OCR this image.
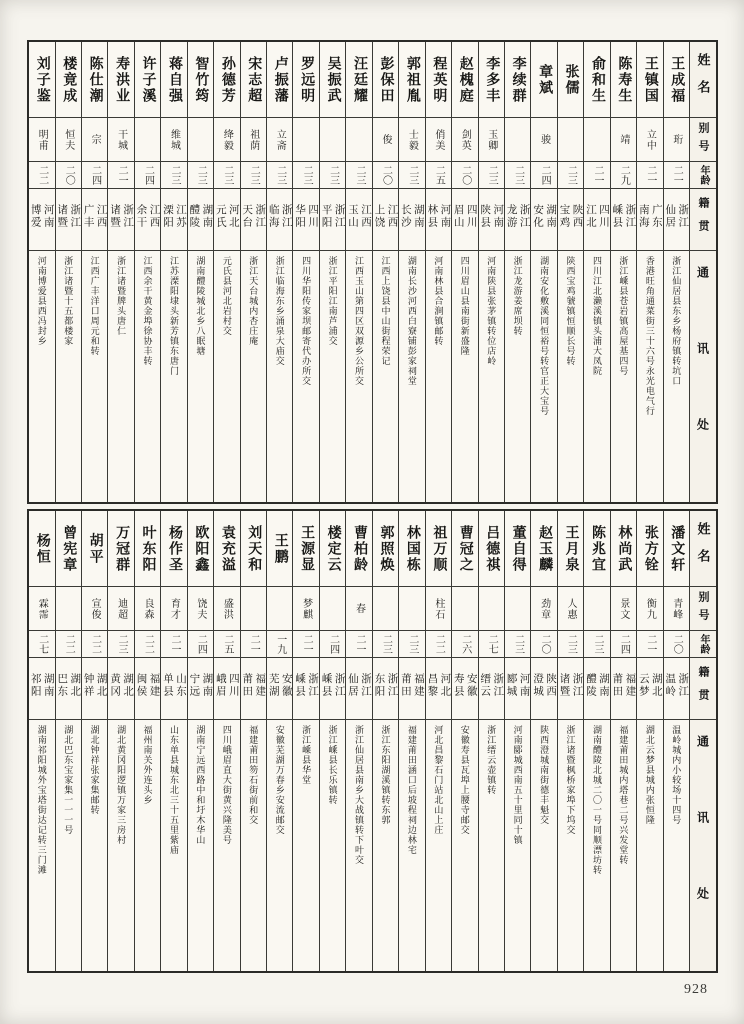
姓名
别号
年龄
籍贯
通讯处
王成福
珩
二一
浙江仙居
浙江仙居县东乡杨府镇转坑口
王镇国
立中
二一
广东南海
香港旺角通菜街三十六号永光电气行
陈寿生
靖
二九
浙江嵊县
浙江嵊县苍岩镇高屋基四号
俞和生
二一
四川江北
四川江北濑溪镇头浦大凤院
张儒
二三
陕西宝鸡
陕西宝鸡虢镇恒顺长号转
章斌
骏
二四
湖南安化
湖南安化敷溪同恒裕号转官正大宝号
李续群
二三
浙江龙游
浙江龙游姜席坝转
李多丰
玉卿
二三
河南陕县
河南陕县张茅镇转位店岭
赵槐庭
剑英
二〇
四川眉山
四川眉山县南街新盛隆
程英明
俏美
二五
河南林县
河南林县合涧镇邮转
郭祖胤
士毅
二三
湖南长沙
湖南长沙河西白寮铺彭家祠堂
彭保田
俊
二〇
江西上饶
江西上饶县中山街程荣记
汪廷耀
二三
江西玉山
江西玉山第四区双源乡公所交
吴振武
二三
浙江平阳
浙江平阳江南芦浦交
罗远明
二三
四川华阳
四川华阳传家坝邮寄代办所交
卢振藩
立斋
二三
浙江临海
浙江临海东乡涌泉大庙交
宋志超
祖荫
二三
浙江天台
浙江天台城内杏庄庵
孙德芳
绛毅
二三
河北元氏
元氏县河北岩村交
智竹筠
二三
湖南醴陵
湖南醴陵城北乡八眠塘
蒋自强
维城
二三
江苏溧阳
江苏溧阳埭头新芳镇东唐门
许子溪
二四
江西余干
江西余干黄金埠徐协丰转
寿洪业
干城
二一
浙江诸暨
浙江诸暨牌头唐仁
陈仕潮
宗
二四
江西广丰
江西广丰洋口周元和转
楼竟成
恒夫
二〇
浙江诸暨
浙江诸暨十五都楼家
刘子鉴
明甫
二二
河南博爱
河南博爱县西冯封乡
姓名
别号
年龄
籍贯
通讯处
潘文轩
青峰
二〇
浙江温岭
温岭城内小较场十四号
张方铨
衡九
二一
湖北云梦
湖北云梦县城内张恒隆
林尚武
景文
二四
福建莆田
福建莆田城内塔巷二号兴发堂转
陈兆宜
二三
湖南醴陵
湖南醴陵北城二〇一号同顺漂坊转
王月泉
人惠
二三
浙江诸暨
浙江诸暨枫桥家埠下坞交
赵玉麟
劲章
二〇
陕西澄城
陕西澄城南街德丰魁交
董自得
二三
河南郾城
河南郾城西南五十里同十镇
吕德祺
二七
浙江缙云
浙江缙云壶镇转
曹冠之
二六
安徽寿县
安徽寿县瓦埠上腰寺邮交
祖万顺
柱石
二二
河北昌黎
河北昌黎石门站北山上庄
林国栋
二三
福建莆田
福建莆田涵口后坡程祠边林宅
郭照焕
二三
浙江东阳
浙江东阳湖溪镇转东郭
曹柏龄
春
二一
浙江仙居
浙江仙居县南乡大战镇转下叶交
楼定云
二四
浙江嵊县
浙江嵊县长乐镇转
王源显
梦麒
二一
浙江嵊县
浙江嵊县华堂
王鹏
一九
安徽芜湖
安徽芜湖万春乡安流邮交
刘天和
二一
福建莆田
福建莆田笏石街前和交
袁充溢
盛洪
二五
四川峨眉
四川峨眉直大街黄兴隆美号
欧阳鑫
饶夫
二四
湖南宁远
湖南宁远西路中和圩木华山
杨作圣
育才
二一
山东单县
山东单县城东北三十五里紫庙
叶东阳
良森
二二
福建闽侯
福州南关外连头乡
万冠群
迪超
二三
湖北黄冈
湖北黄冈阳逻镇万家三房村
胡平
宣俊
二二
湖北钟祥
湖北钟祥张家集邮转
曾宪章
二二
湖北巴东
湖北巴东宝家集一一一号
杨恒
霖霈
二七
湖南祁阳
湖南祁阳城外宝塔街达记转三门滩
928
